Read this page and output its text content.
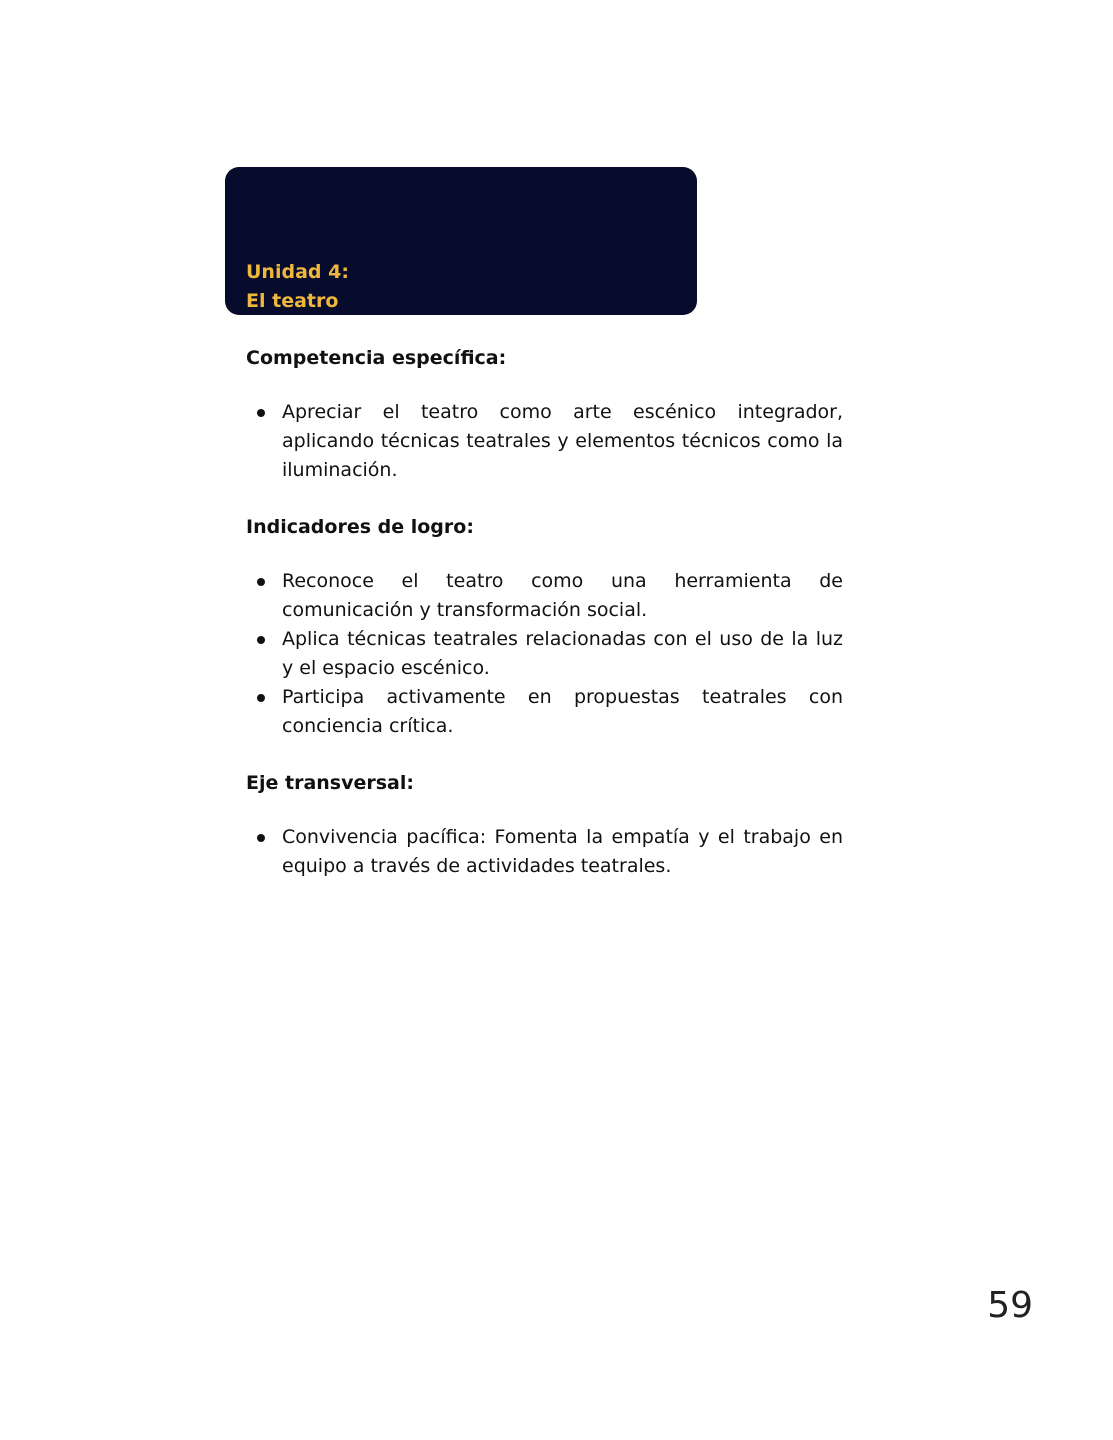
Unidad 4:
El teatro
Competencia específica:
Apreciar el teatro como arte escénico integrador, aplicando técnicas teatrales y elementos técnicos como la iluminación.
Indicadores de logro:
Reconoce el teatro como una herramienta de comunicación y transformación social.
Aplica técnicas teatrales relacionadas con el uso de la luz y el espacio escénico.
Participa activamente en propuestas teatrales con conciencia crítica.
Eje transversal:
Convivencia pacífica: Fomenta la empatía y el trabajo en equipo a través de actividades teatrales.
59
